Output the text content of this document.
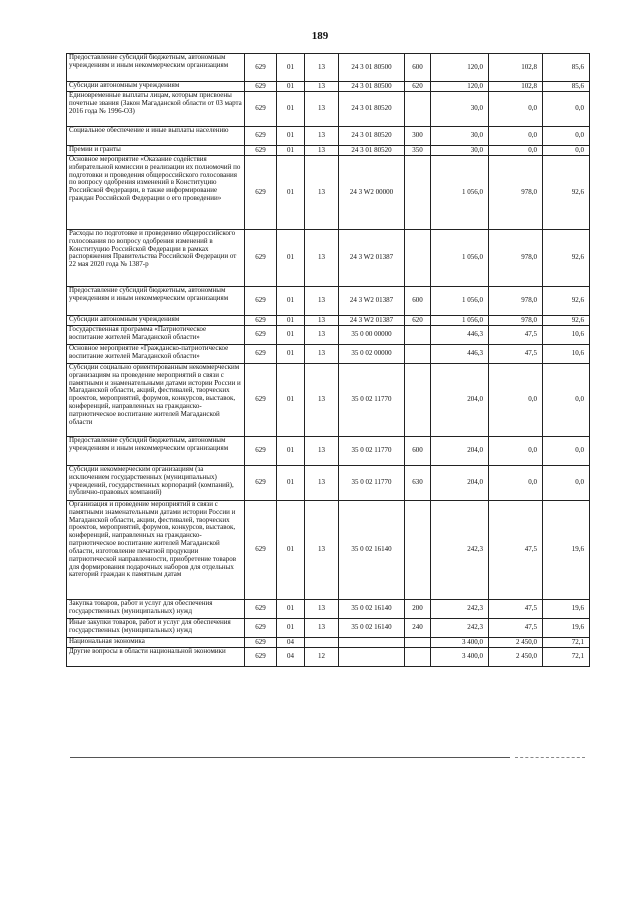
189
Предоставление субсидий бюджетным, автономным учреждениям и иным некоммерческим организациям	629	01	13	24 3 01 80500	600	120,0	102,8	85,6
Субсидии автономным учреждениям	629	01	13	24 3 01 80500	620	120,0	102,8	85,6
Единовременные выплаты лицам, которым присвоены почетные звания (Закон Магаданской области от 03 марта 2016 года № 1996-ОЗ)	629	01	13	24 3 01 80520		30,0	0,0	0,0
Социальное обеспечение и иные выплаты населению	629	01	13	24 3 01 80520	300	30,0	0,0	0,0
Премии и гранты	629	01	13	24 3 01 80520	350	30,0	0,0	0,0
Основное мероприятие «Оказание содействия избирательной комиссии в реализации их полномочий по подготовки и проведения общероссийского голосования по вопросу одобрения изменений в Конституцию Российской Федерации, в также информирование граждан Российской Федерации о его проведении»	629	01	13	24 3 W2 00000		1 056,0	978,0	92,6
Расходы по подготовке и проведению общероссийского голосования по вопросу одобрения изменений в Конституцию Российской Федерации в рамках распоряжения Правительства Российской Федерации от 22 мая 2020 года № 1387-р	629	01	13	24 3 W2 01387		1 056,0	978,0	92,6
Предоставление субсидий бюджетным, автономным учреждениям и иным некоммерческим организациям	629	01	13	24 3 W2 01387	600	1 056,0	978,0	92,6
Субсидии автономным учреждениям	629	01	13	24 3 W2 01387	620	1 056,0	978,0	92,6
Государственная программа «Патриотическое воспитание жителей Магаданской области»	629	01	13	35 0 00 00000		446,3	47,5	10,6
Основное мероприятие «Гражданско-патриотическое воспитание жителей Магаданской области»	629	01	13	35 0 02 00000		446,3	47,5	10,6
Субсидии социально ориентированным некоммерческим организациям на проведение мероприятий в связи с памятными и знаменательными датами истории России и Магаданской области, акций, фестивалей, творческих проектов, мероприятий, форумов, конкурсов, выставок, конференций, направленных на гражданско-патриотическое воспитание жителей Магаданской области	629	01	13	35 0 02 11770		204,0	0,0	0,0
Предоставление субсидий бюджетным, автономным учреждениям и иным некоммерческим организациям	629	01	13	35 0 02 11770	600	204,0	0,0	0,0
Субсидии некоммерческим организациям (за исключением государственных (муниципальных) учреждений, государственных корпораций (компаний), публично-правовых компаний)	629	01	13	35 0 02 11770	630	204,0	0,0	0,0
Организация и проведение мероприятий в связи с памятными знаменательными датами истории России и Магаданской области, акции, фестивалей, творческих проектов, мероприятий, форумов, конкурсов, выставок, конференций, направленных на гражданско-патриотическое воспитание жителей Магаданской области, изготовление печатной продукции патриотической направленности, приобретение товаров для формирования подарочных наборов для отдельных категорий граждан к памятным датам	629	01	13	35 0 02 16140		242,3	47,5	19,6
Закупка товаров, работ и услуг для обеспечения государственных (муниципальных) нужд	629	01	13	35 0 02 16140	200	242,3	47,5	19,6
Иные закупки товаров, работ и услуг для обеспечения государственных (муниципальных) нужд	629	01	13	35 0 02 16140	240	242,3	47,5	19,6
Национальная экономика	629	04				3 400,0	2 450,0	72,1
Другие вопросы в области национальной экономики	629	04	12			3 400,0	2 450,0	72,1
